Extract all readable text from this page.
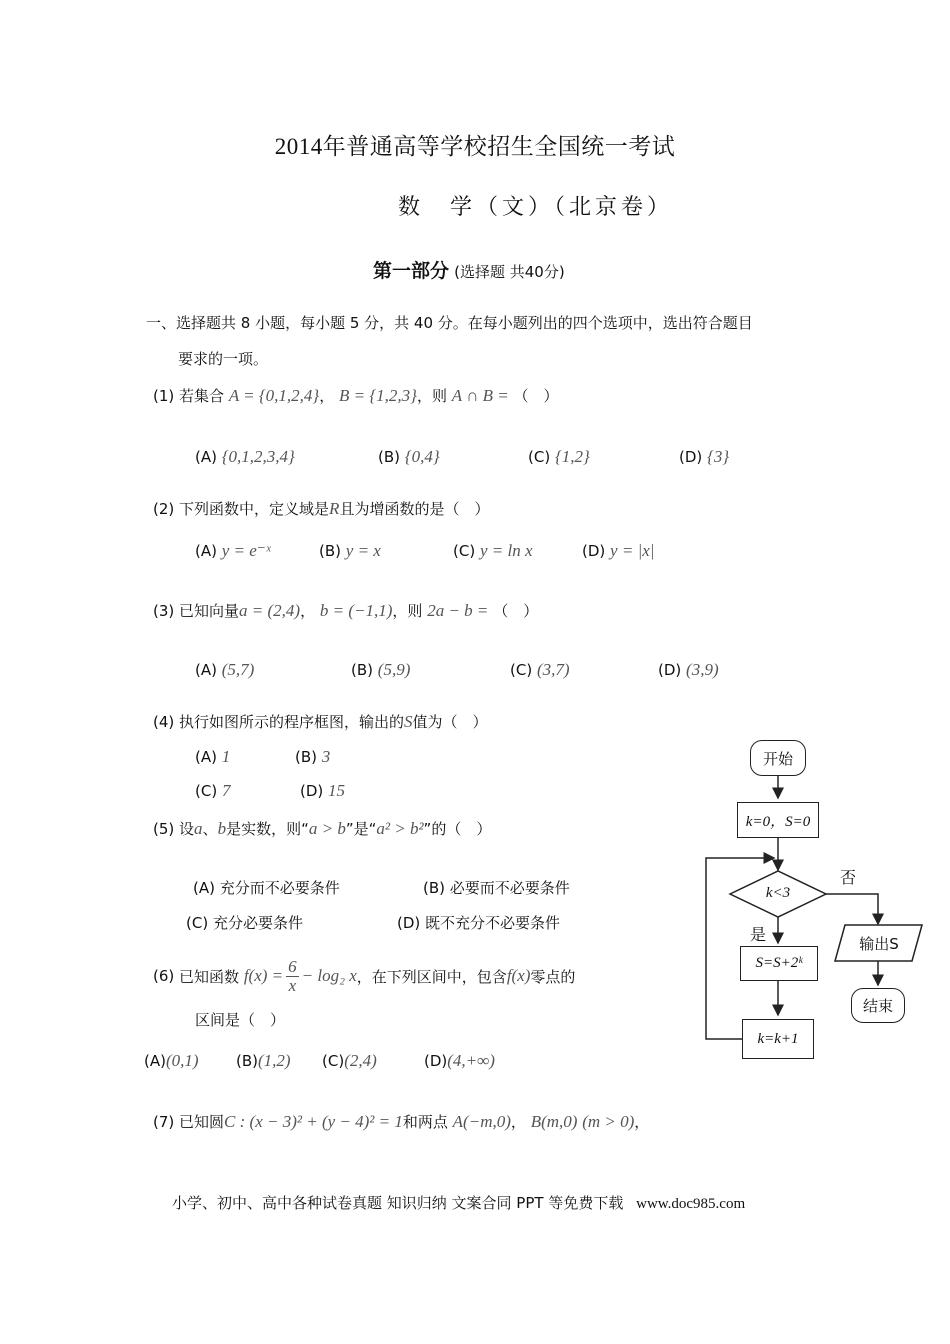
2014年普通高等学校招生全国统一考试
数　学（文）（北京卷）
第一部分 (选择题 共40分)
一、选择题共 8 小题，每小题 5 分，共 40 分。在每小题列出的四个选项中，选出符合题目
要求的一项。
(1) 若集合 A = {0,1,2,4}， B = {1,2,3}，则 A ∩ B = （　）
(A) {0,1,2,3,4}	(B) {0,4}	(C) {1,2}	(D) {3}
(2) 下列函数中，定义域是R且为增函数的是（　）
(A) y = e⁻ˣ	(B) y = x	(C) y = ln x	(D) y = |x|
(3) 已知向量a = (2,4)， b = (−1,1)，则 2a − b = （　）
(A) (5,7)	(B) (5,9)	(C) (3,7)	(D) (3,9)
(4) 执行如图所示的程序框图，输出的S值为（　）
(A) 1	(B) 3
(C) 7	(D) 15
(5) 设a、b是实数，则“a > b”是“a² > b²”的（　）
(A) 充分而不必要条件	(B) 必要而不必要条件
(C) 充分必要条件	(D) 既不充分不必要条件
(6)
已知函数
$f(x) = \frac{6}{x} - \log_2$ x ，在下列区间中，包含 f(x) 零点的
区间是（　）
(A)(0,1) (B)(1,2) (C)(2,4)	(D)(4,+∞)
(7) 已知圆C : (x − 3)² + (y − 4)² = 1和两点 A(−m,0)， B(m,0) (m > 0)，
开始
k=0，S=0
k<3
是
否
S=S+2ᵏ
k=k+1
输出S
结束
小学、初中、高中各种试卷真题 知识归纳 文案合同 PPT 等免费下载 www.doc985.com
